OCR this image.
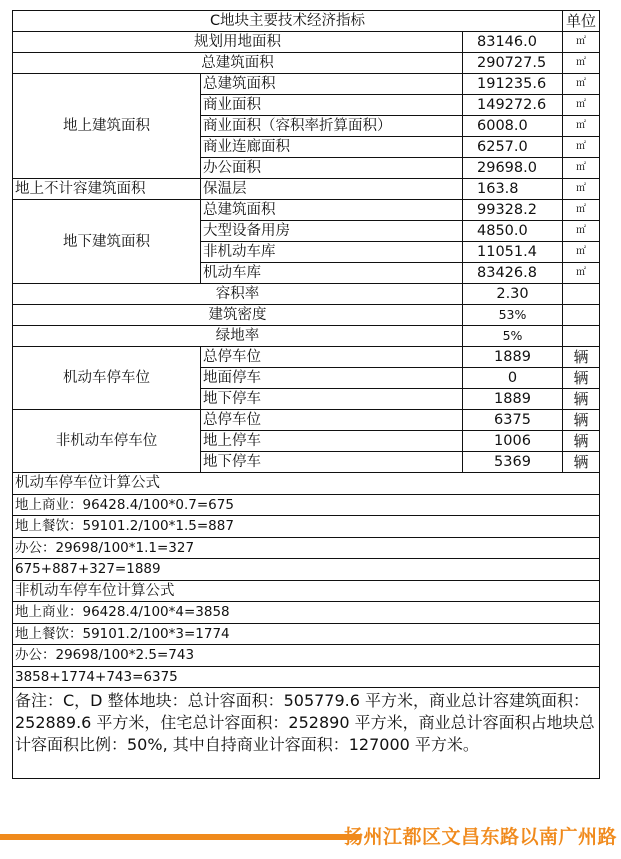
C地块主要技术经济指标			单位
规划用地面积		83146.0	㎡
总建筑面积		290727.5	㎡
地上建筑面积	总建筑面积	191235.6	㎡
	商业面积	149272.6	㎡
	商业面积（容积率折算面积）	6008.0	㎡
	商业连廊面积	6257.0	㎡
	办公面积	29698.0	㎡
地上不计容建筑面积	保温层	163.8	㎡
地下建筑面积	总建筑面积	99328.2	㎡
	大型设备用房	4850.0	㎡
	非机动车库	11051.4	㎡
	机动车库	83426.8	㎡
容积率		2.30	
建筑密度		53%	
绿地率		5%	
机动车停车位	总停车位	1889	辆
	地面停车	0	辆
	地下停车	1889	辆
非机动车停车位	总停车位	6375	辆
	地上停车	1006	辆
	地下停车	5369	辆
机动车停车位计算公式			
地上商业：96428.4/100*0.7=675			
地上餐饮：59101.2/100*1.5=887			
办公：29698/100*1.1=327			
675+887+327=1889			
非机动车停车位计算公式			
地上商业：96428.4/100*4=3858			
地上餐饮：59101.2/100*3=1774			
办公：29698/100*2.5=743			
3858+1774+743=6375			
备注：C，D 整体地块：总计容面积：505779.6 平方米，商业总计容建筑面积：252889.6 平方米，住宅总计容面积：252890 平方米，商业总计容面积占地块总计容面积比例：50%, 其中自持商业计容面积：127000 平方米。			
扬州江都区文昌东路以南广州路
